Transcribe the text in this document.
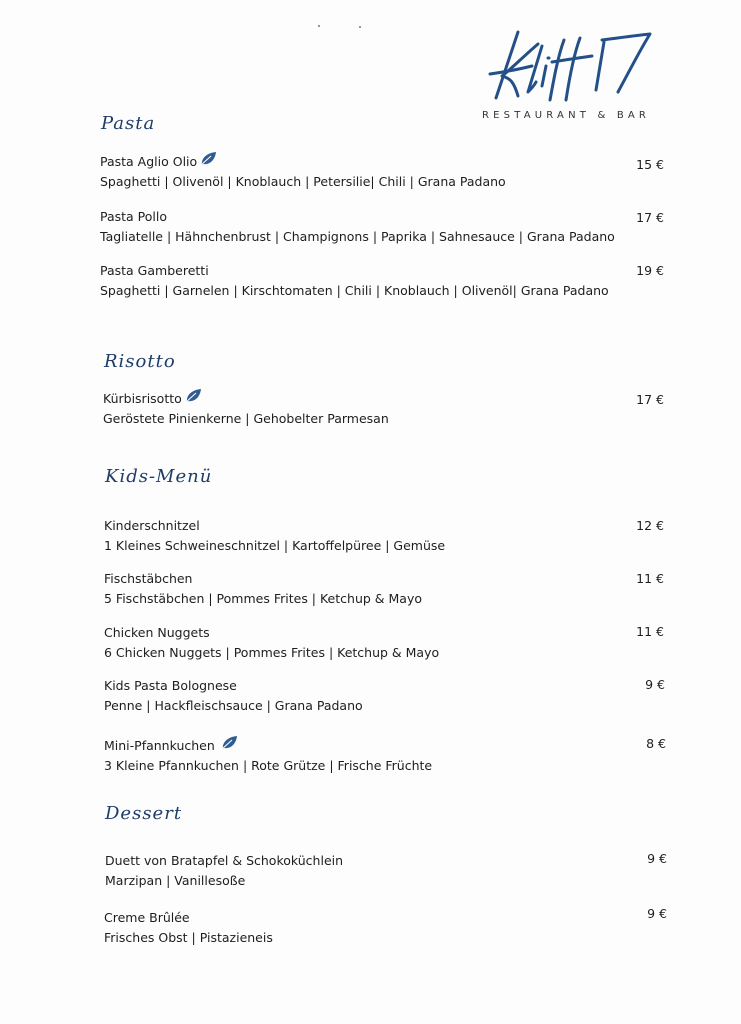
RESTAURANT & BAR
Pasta
Pasta Aglio Olio
Spaghetti | Olivenöl | Knoblauch | Petersilie| Chili | Grana Padano
15 €
Pasta Pollo
Tagliatelle | Hähnchenbrust | Champignons | Paprika | Sahnesauce | Grana Padano
17 €
Pasta Gamberetti
Spaghetti | Garnelen | Kirschtomaten | Chili | Knoblauch | Olivenöl| Grana Padano
19 €
Risotto
Kürbisrisotto
Geröstete Pinienkerne | Gehobelter Parmesan
17 €
Kids-Menü
Kinderschnitzel
1 Kleines Schweineschnitzel | Kartoffelpüree | Gemüse
12 €
Fischstäbchen
5 Fischstäbchen | Pommes Frites | Ketchup & Mayo
11 €
Chicken Nuggets
6 Chicken Nuggets | Pommes Frites | Ketchup & Mayo
11 €
Kids Pasta Bolognese
Penne | Hackfleischsauce | Grana Padano
9 €
Mini-Pfannkuchen
3 Kleine Pfannkuchen | Rote Grütze | Frische Früchte
8 €
Dessert
Duett von Bratapfel & Schokoküchlein
Marzipan | Vanillesoße
9 €
Creme Brûlée
Frisches Obst | Pistazieneis
9 €
